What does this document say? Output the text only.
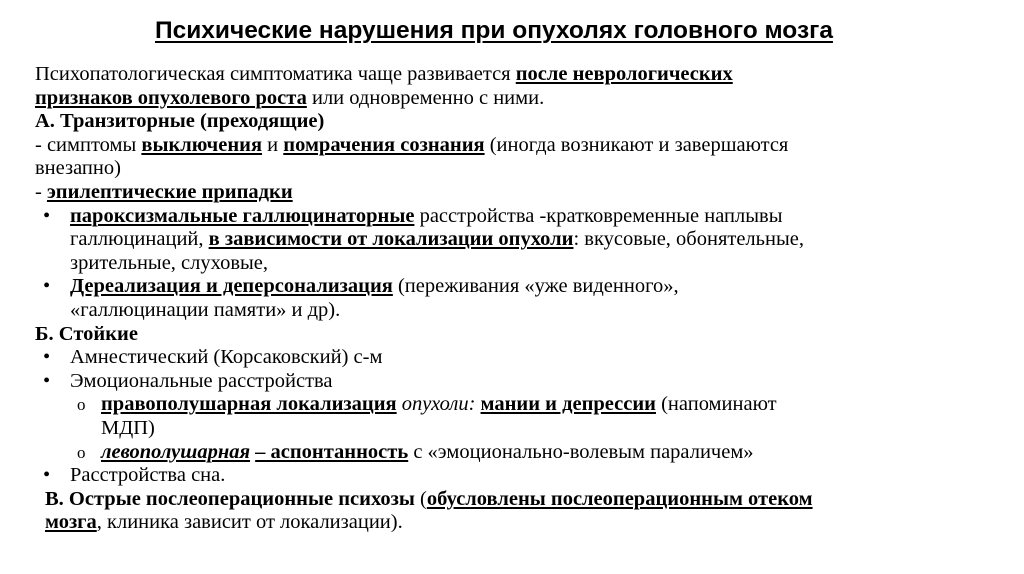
Психические нарушения при опухолях головного мозга
Психопатологическая симптоматика чаще развивается после неврологических
признаков опухолевого роста или одновременно с ними.
А. Транзиторные (преходящие)
- симптомы выключения и помрачения сознания (иногда возникают и завершаются
внезапно)
- эпилептические припадки
• пароксизмальные галлюцинаторные расстройства -кратковременные наплывы
галлюцинаций, в зависимости от локализации опухоли: вкусовые, обонятельные,
зрительные, слуховые,
• Дереализация и деперсонализация (переживания «уже виденного»,
«галлюцинации памяти» и др).
Б. Стойкие
• Амнестический (Корсаковский) с-м
• Эмоциональные расстройства
o правополушарная локализация опухоли: мании и депрессии (напоминают
МДП)
o левополушарная – аспонтанность с «эмоционально-волевым параличем»
• Расстройства сна.
В. Острые послеоперационные психозы (обусловлены послеоперационным отеком
мозга, клиника зависит от локализации).
